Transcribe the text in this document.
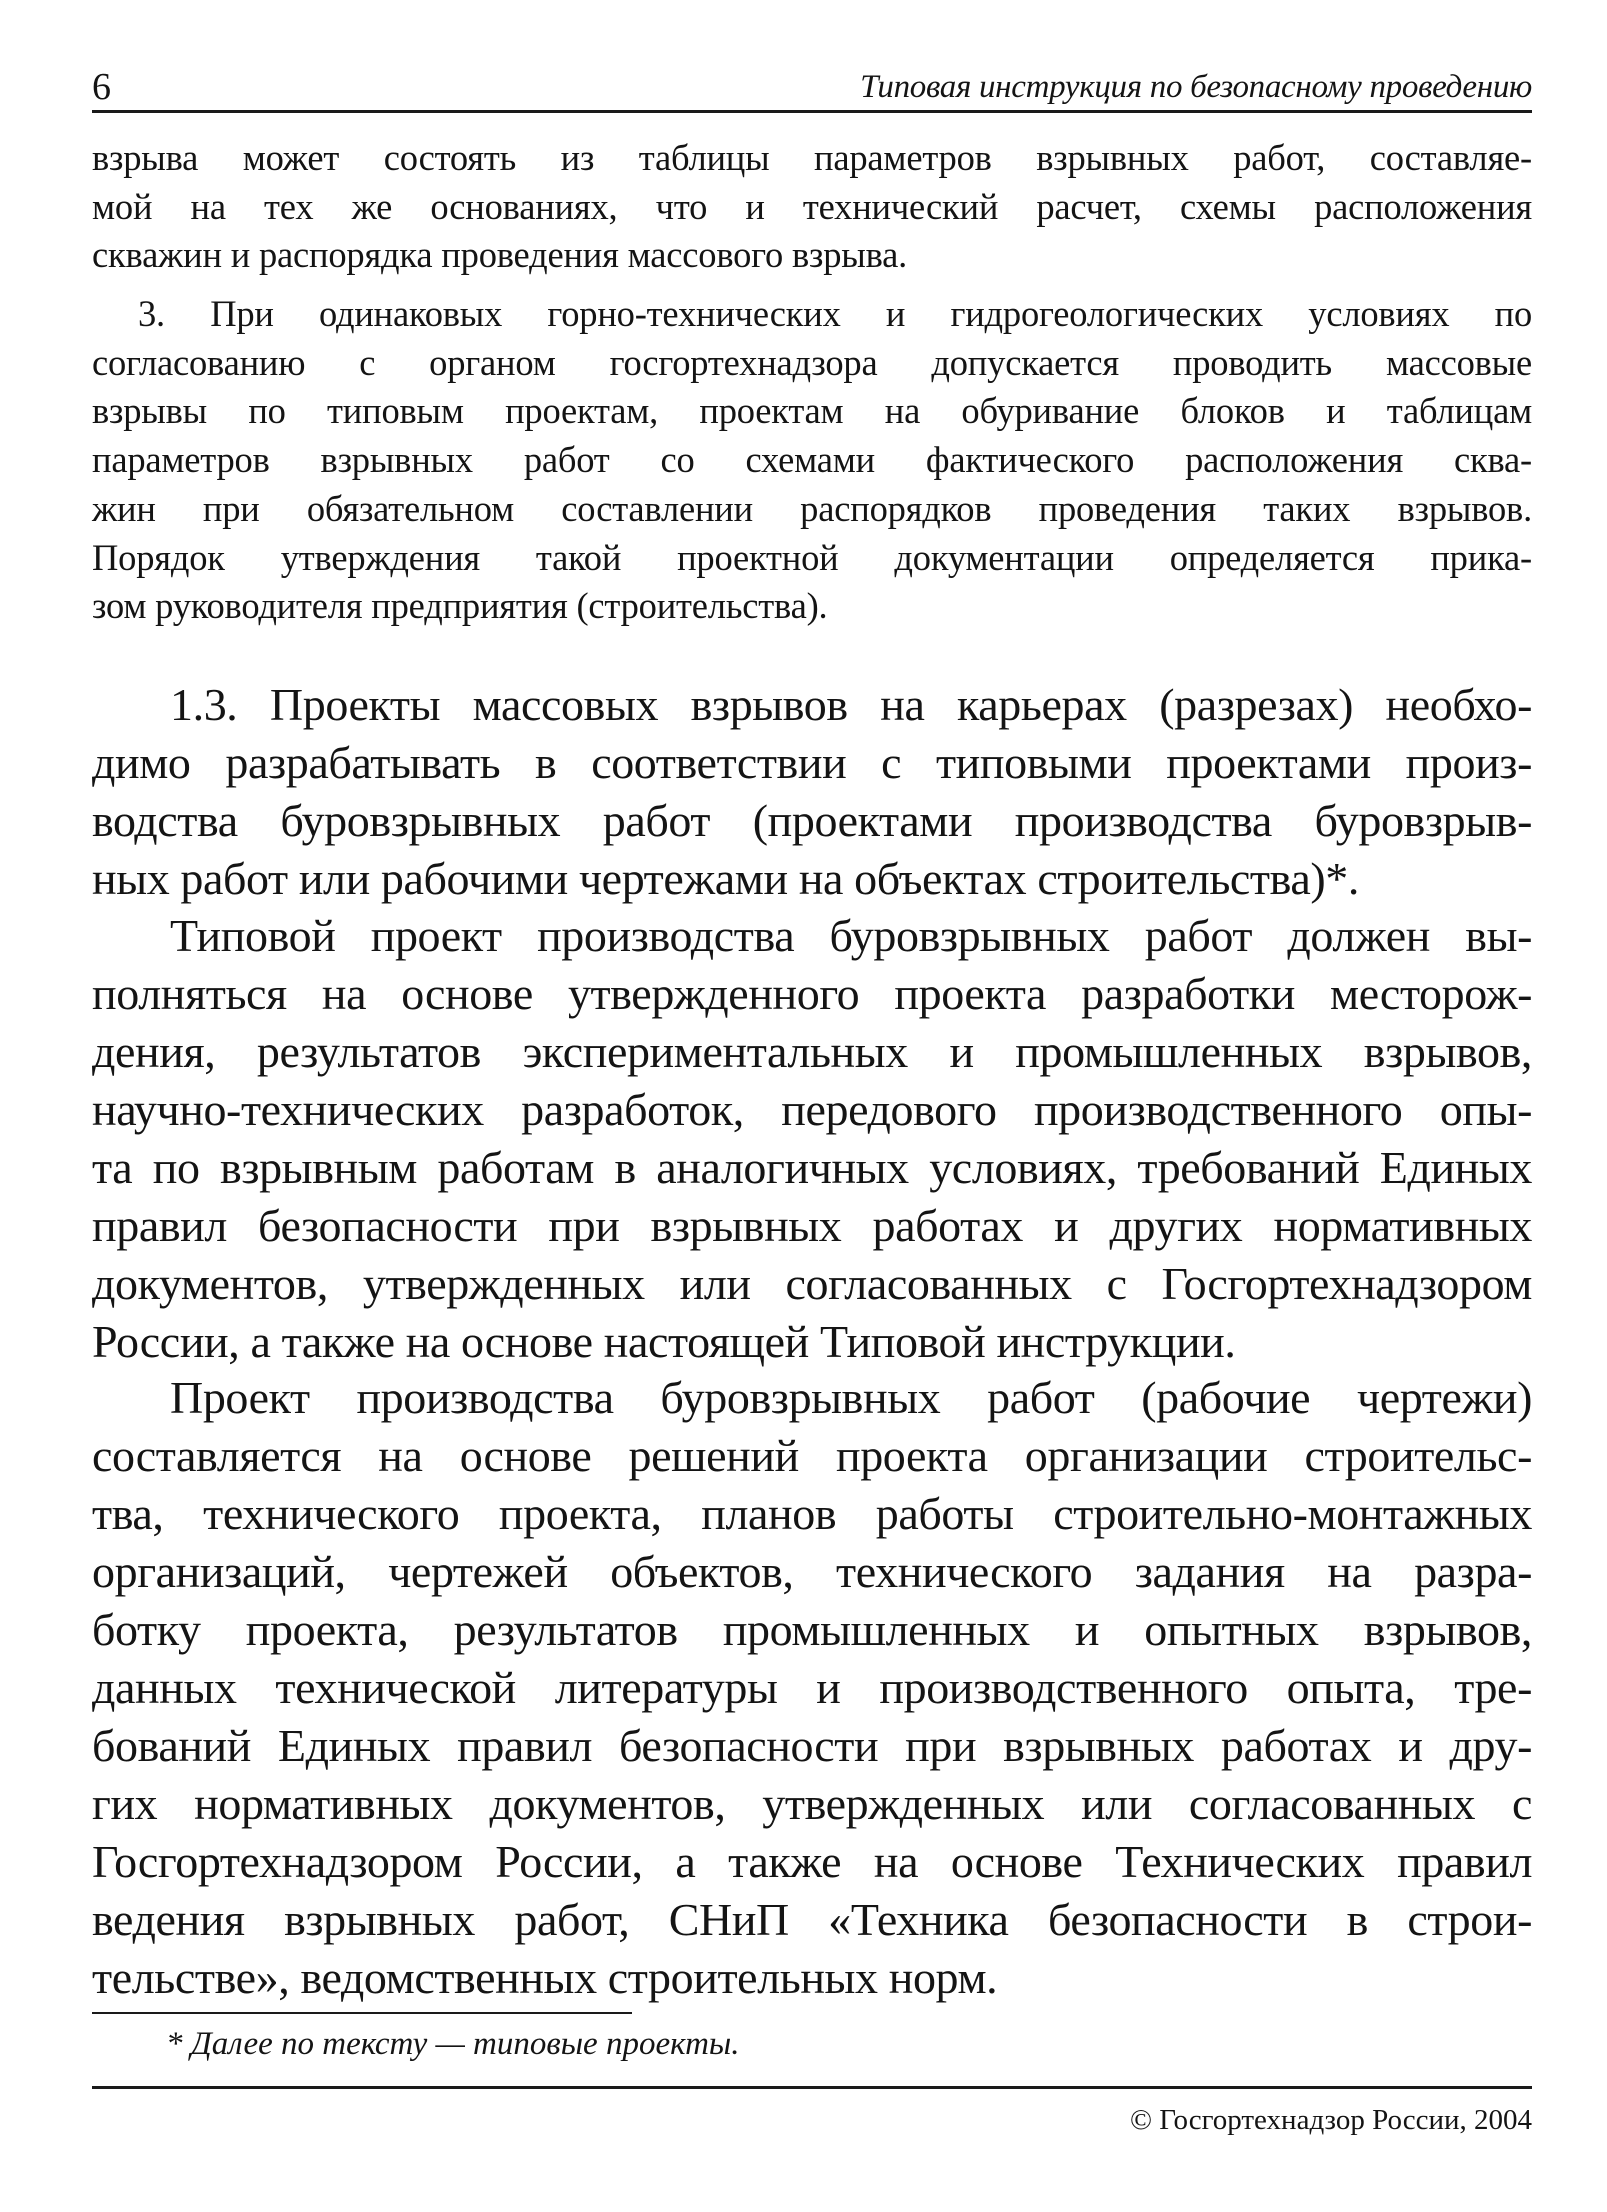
6	Типовая инструкция по безопасному проведению
взрыва может состоять из таблицы параметров взрывных работ, составляе-
мой на тех же основаниях, что и технический расчет, схемы расположения
скважин и распорядка проведения массового взрыва.
3. При одинаковых горно-технических и гидрогеологических условиях по
согласованию с органом госгортехнадзора допускается проводить массовые
взрывы по типовым проектам, проектам на обуривание блоков и таблицам
параметров взрывных работ со схемами фактического расположения сква-
жин при обязательном составлении распорядков проведения таких взрывов.
Порядок утверждения такой проектной документации определяется прика-
зом руководителя предприятия (строительства).
1.3. Проекты массовых взрывов на карьерах (разрезах) необхо-
димо разрабатывать в соответствии с типовыми проектами произ-
водства буровзрывных работ (проектами производства буровзрыв-
ных работ или рабочими чертежами на объектах строительства)*.
Типовой проект производства буровзрывных работ должен вы-
полняться на основе утвержденного проекта разработки месторож-
дения, результатов экспериментальных и промышленных взрывов,
научно-технических разработок, передового производственного опы-
та по взрывным работам в аналогичных условиях, требований Единых
правил безопасности при взрывных работах и других нормативных
документов, утвержденных или согласованных с Госгортехнадзором
России, а также на основе настоящей Типовой инструкции.
Проект производства буровзрывных работ (рабочие чертежи)
составляется на основе решений проекта организации строительс-
тва, технического проекта, планов работы строительно-монтажных
организаций, чертежей объектов, технического задания на разра-
ботку проекта, результатов промышленных и опытных взрывов,
данных технической литературы и производственного опыта, тре-
бований Единых правил безопасности при взрывных работах и дру-
гих нормативных документов, утвержденных или согласованных с
Госгортехнадзором России, а также на основе Технических правил
ведения взрывных работ, СНиП «Техника безопасности в строи-
тельстве», ведомственных строительных норм.
* Далее по тексту — типовые проекты.
© Госгортехнадзор России, 2004
